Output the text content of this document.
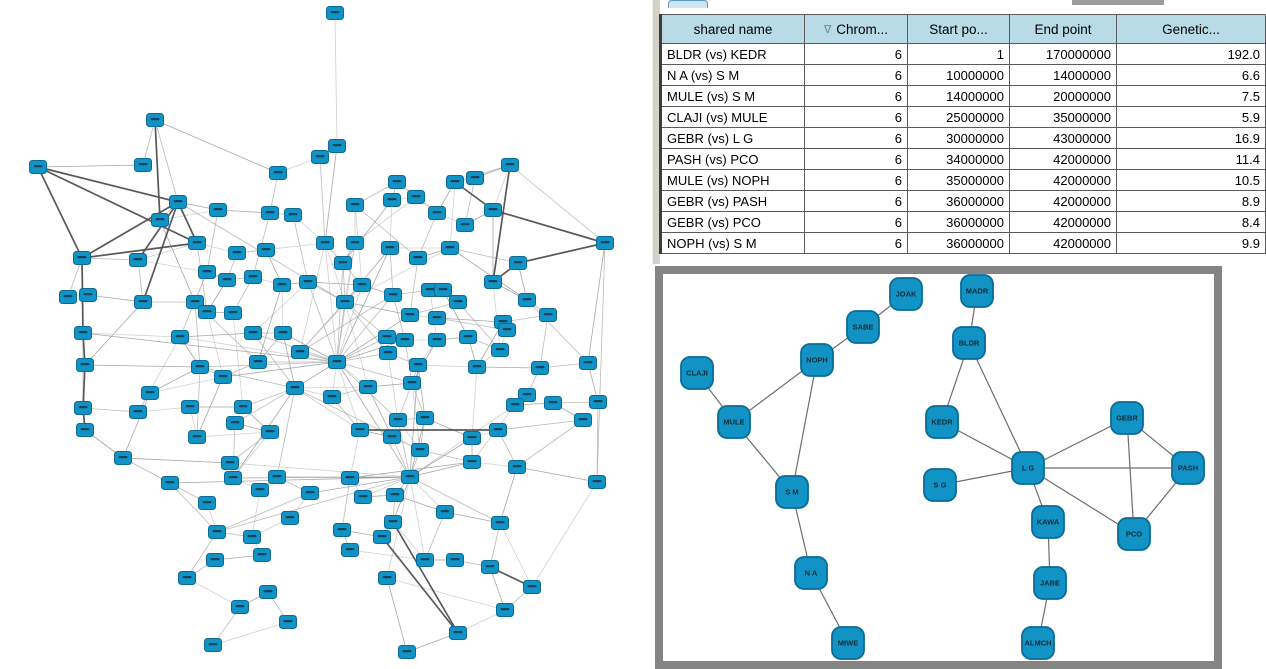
shared name	∇ Chrom...	Start po...	End point	Genetic...
BLDR (vs) KEDR	6	1	170000000	192.0
N A (vs) S M	6	10000000	14000000	6.6
MULE (vs) S M	6	14000000	20000000	7.5
CLAJI (vs) MULE	6	25000000	35000000	5.9
GEBR (vs) L G	6	30000000	43000000	16.9
PASH (vs) PCO	6	34000000	42000000	11.4
MULE (vs) NOPH	6	35000000	42000000	10.5
GEBR (vs) PASH	6	36000000	42000000	8.9
GEBR (vs) PCO	6	36000000	42000000	8.4
NOPH (vs) S M	6	36000000	42000000	9.9
JOAK
SABE
NOPH
CLAJI
MULE
S M
N A
MIWE
MADR
BLDR
KEDR
L G
S G
GEBR
PASH
PCO
KAWA
JABE
ALMCH
